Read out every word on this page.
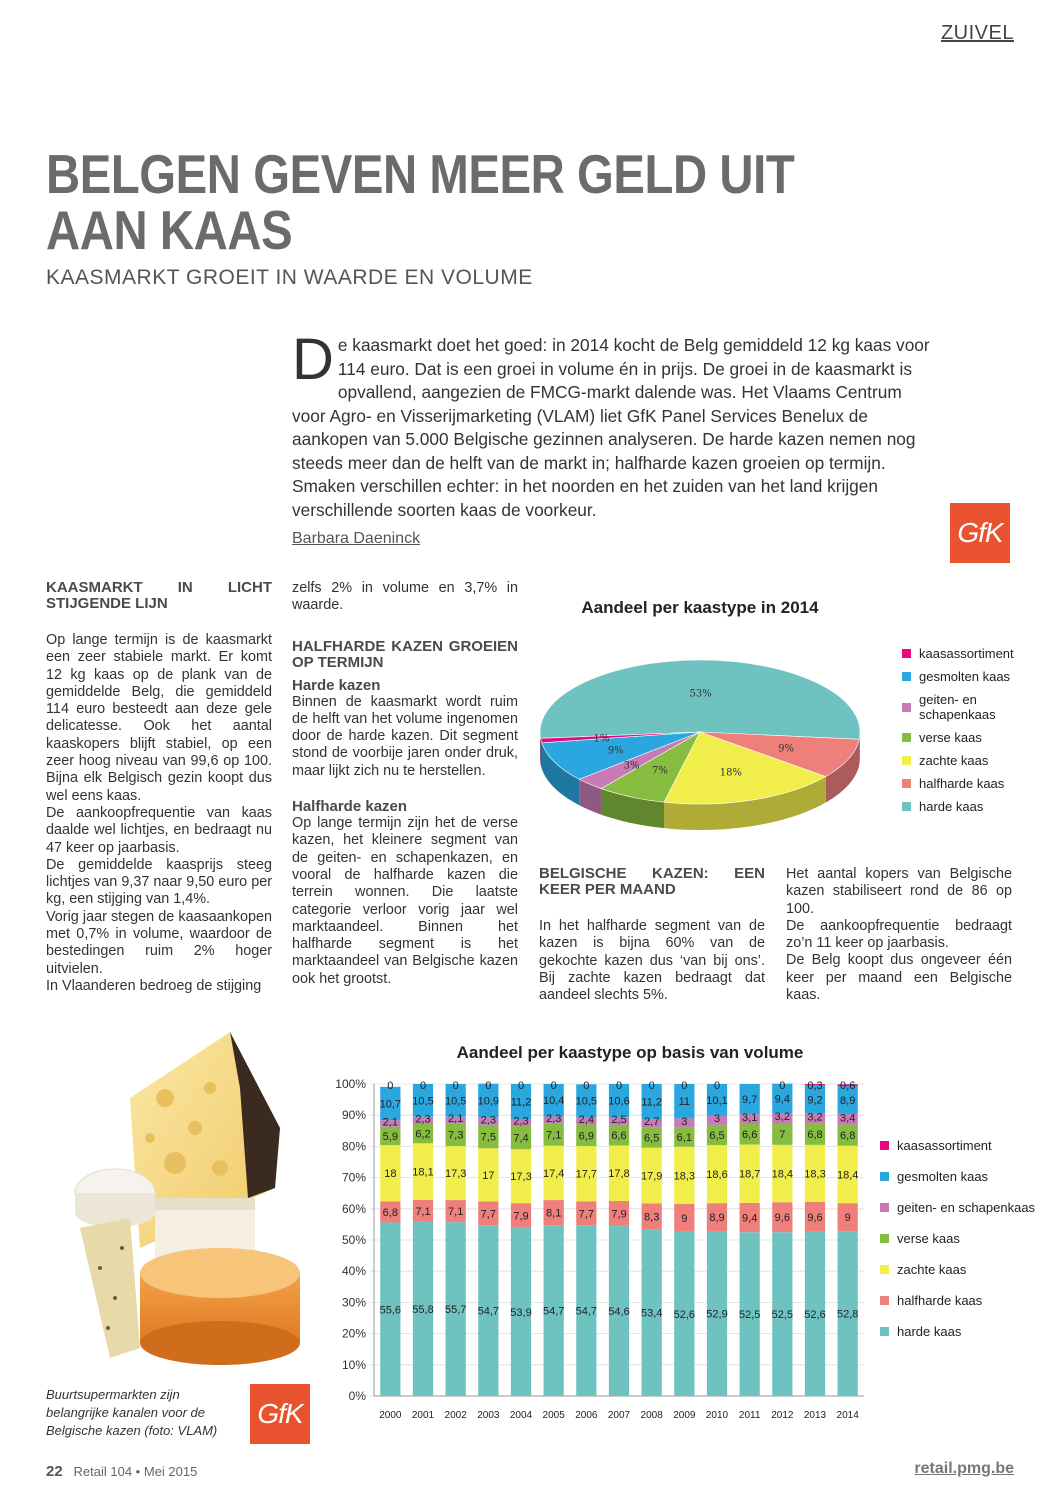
ZUIVEL
BELGEN GEVEN MEER GELD UIT
AAN KAAS
KAASMARKT GROEIT IN WAARDE EN VOLUME
D e kaasmarkt doet het goed: in 2014 kocht de Belg gemiddeld 12 kg kaas voor 114 euro. Dat is een groei in volume én in prijs. De groei in de kaasmarkt is opvallend, aangezien de FMCG-markt dalende was. Het Vlaams Centrum voor Agro- en Visserijmarketing (VLAM) liet GfK Panel Services Benelux de aankopen van 5.000 Belgische gezinnen analyseren. De harde kazen nemen nog steeds meer dan de helft van de markt in; halfharde kazen groeien op termijn. Smaken verschillen echter: in het noorden en het zuiden van het land krijgen verschillende soorten kaas de voorkeur.
Barbara Daeninck	GfK
KAASMARKT IN LICHT STIJGENDE LIJN

Op lange termijn is de kaasmarkt een zeer stabiele markt. Er komt 12 kg kaas op de plank van de gemiddelde Belg, die gemiddeld 114 euro besteedt aan deze gele delicatesse. Ook het aantal kaaskopers blijft stabiel, op een zeer hoog niveau van 99,6 op 100. Bijna elk Belgisch gezin koopt dus wel eens kaas.

De aankoopfrequentie van kaas daalde wel lichtjes, en bedraagt nu 47 keer op jaarbasis.

De gemiddelde kaasprijs steeg lichtjes van 9,37 naar 9,50 euro per kg, een stijging van 1,4%.

Vorig jaar stegen de kaasaankopen met 0,7% in volume, waardoor de bestedingen ruim 2% hoger uitvielen.

In Vlaanderen bedroeg de stijging

zelfs 2% in volume en 3,7% in waarde.

HALFHARDE KAZEN GROEIEN OP TERMIJN
Harde kazen

Binnen de kaasmarkt wordt ruim de helft van het volume ingenomen door de harde kazen. Dit segment stond de voorbije jaren onder druk, maar lijkt zich nu te herstellen.

Halfharde kazen

Op lange termijn zijn het de verse kazen, het kleinere segment van de geiten- en schapenkazen, en vooral de halfharde kazen die terrein wonnen. Die laatste categorie verloor vorig jaar wel marktaandeel. Binnen het halfharde segment is het marktaandeel van Belgische kazen ook het grootst.

Aandeel per kaastype in 2014
53%
9%
18%
7%
3%
9%
1%
kaasassortiment
gesmolten kaas
geiten- en
schapenkaas
verse kaas
zachte kaas
halfharde kaas
harde kaas
BELGISCHE KAZEN: EEN KEER PER MAAND

In het halfharde segment van de kazen is bijna 60% van de gekochte kazen dus ‘van bij ons’. Bij zachte kazen bedraagt dat aandeel slechts 5%.

Het aantal kopers van Belgische kazen stabiliseert rond de 86 op 100.

De aankoopfrequentie bedraagt zo’n 11 keer op jaarbasis.

De Belg koopt dus ongeveer één keer per maand een Belgische kaas.

Buurtsupermarkten zijn belangrijke kanalen voor de Belgische kazen (foto: VLAM)
GfK
Aandeel per kaastype op basis van volume
0%
10%
20%
30%
40%
50%
60%
70%
80%
90%
100%
55,6
6,8
18
5,9
2,1
10,7
0
2000
55,8
7,1
18,1
6,2
2,3
10,5
0
2001
55,7
7,1
17,3
7,3
2,1
10,5
0
2002
54,7
7,7
17
7,5
2,3
10,9
0
2003
53,9
7,9
17,3
7,4
2,3
11,2
0
2004
54,7
8,1
17,4
7,1
2,3
10,4
0
2005
54,7
7,7
17,7
6,9
2,4
10,5
0
2006
54,6
7,9
17,8
6,6
2,5
10,6
0
2007
53,4
8,3
17,9
6,5
2,7
11,2
0
2008
52,6
9
18,3
6,1
3
11
0
2009
52,9
8,9
18,6
6,5
3
10,1
0
2010
52,5
9,4
18,7
6,6
3,1
9,7
2011
52,5
9,6
18,4
7
3,2
9,4
0
2012
52,6
9,6
18,3
6,8
3,2
9,2
0,3
2013
52,8
9
18,4
6,8
3,4
8,9
0,6
2014
kaasassortiment
gesmolten kaas
geiten- en schapenkaas
verse kaas
zachte kaas
halfharde kaas
harde kaas
22 Retail 104 • Mei 2015	retail.pmg.be
